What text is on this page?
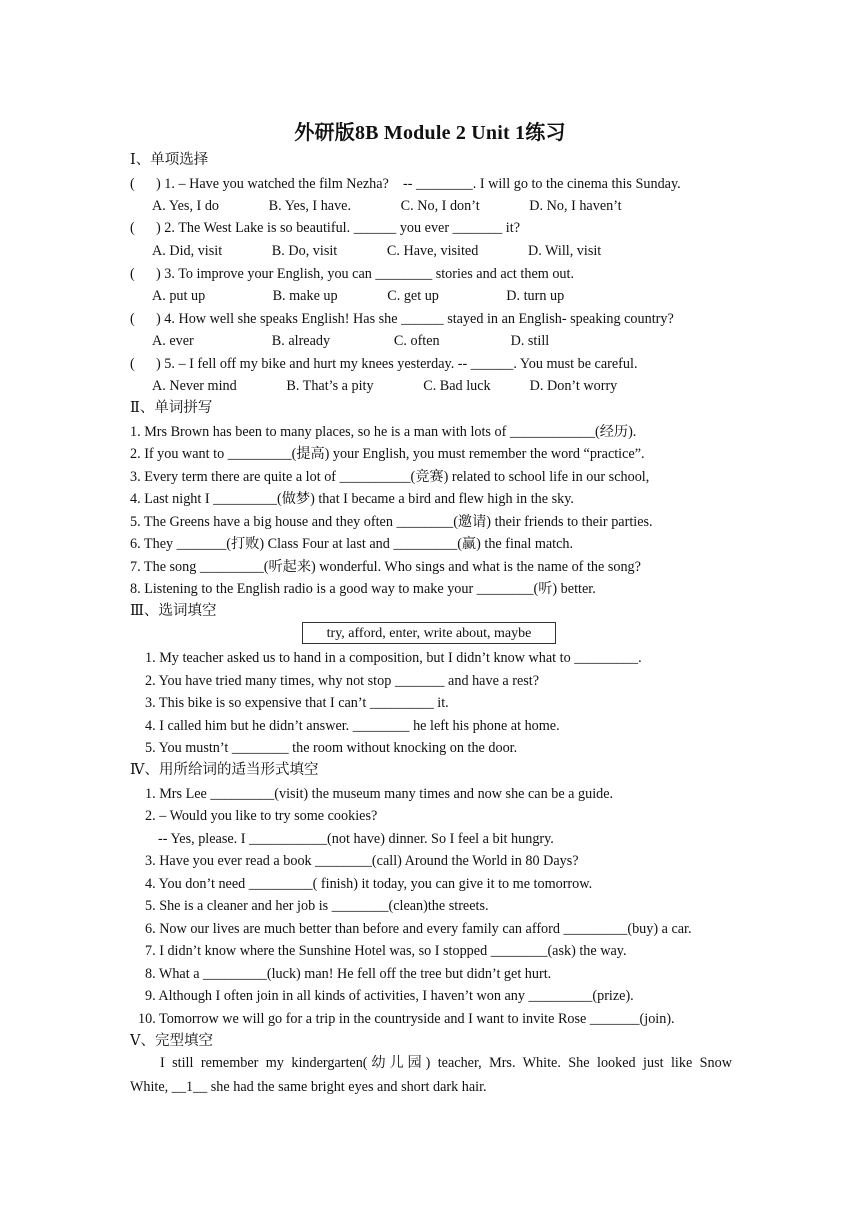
外研版8B Module 2 Unit 1练习
Ⅰ、单项选择
(      ) 1. – Have you watched the film Nezha?    -- ________. I will go to the cinema this Sunday.
A. Yes, I do              B. Yes, I have.              C. No, I don’t              D. No, I haven’t
(      ) 2. The West Lake is so beautiful. ______ you ever _______ it?
A. Did, visit              B. Do, visit              C. Have, visited              D. Will, visit
(      ) 3. To improve your English, you can ________ stories and act them out.
A. put up                   B. make up              C. get up                   D. turn up
(      ) 4. How well she speaks English! Has she ______ stayed in an English- speaking country?
A. ever                      B. already                  C. often                    D. still
(      ) 5. – I fell off my bike and hurt my knees yesterday. -- ______. You must be careful.
A. Never mind              B. That’s a pity              C. Bad luck           D. Don’t worry
Ⅱ、单词拼写
1. Mrs Brown has been to many places, so he is a man with lots of ____________(经历).
2. If you want to _________(提高) your English, you must remember the word “practice”.
3. Every term there are quite a lot of __________(竞赛) related to school life in our school,
4. Last night I _________(做梦) that I became a bird and flew high in the sky.
5. The Greens have a big house and they often ________(邀请) their friends to their parties.
6. They _______(打败) Class Four at last and _________(赢) the final match.
7. The song _________(听起来) wonderful. Who sings and what is the name of the song?
8. Listening to the English radio is a good way to make your ________(听) better.
Ⅲ、选词填空
try, afford, enter, write about, maybe
1. My teacher asked us to hand in a composition, but I didn’t know what to _________.
2. You have tried many times, why not stop _______ and have a rest?
3. This bike is so expensive that I can’t _________ it.
4. I called him but he didn’t answer. ________ he left his phone at home.
5. You mustn’t ________ the room without knocking on the door.
Ⅳ、用所给词的适当形式填空
1. Mrs Lee _________(visit) the museum many times and now she can be a guide.
2. – Would you like to try some cookies?
-- Yes, please. I ___________(not have) dinner. So I feel a bit hungry.
3. Have you ever read a book ________(call) Around the World in 80 Days?
4. You don’t need _________( finish) it today, you can give it to me tomorrow.
5. She is a cleaner and her job is ________(clean)the streets.
6. Now our lives are much better than before and every family can afford _________(buy) a car.
7. I didn’t know where the Sunshine Hotel was, so I stopped ________(ask) the way.
8. What a _________(luck) man! He fell off the tree but didn’t get hurt.
9. Although I often join in all kinds of activities, I haven’t won any _________(prize).
10. Tomorrow we will go for a trip in the countryside and I want to invite Rose _______(join).
Ⅴ、完型填空
I still remember my kindergarten(幼儿园) teacher, Mrs. White. She looked just like Snow
White, __1__ she had the same bright eyes and short dark hair.
